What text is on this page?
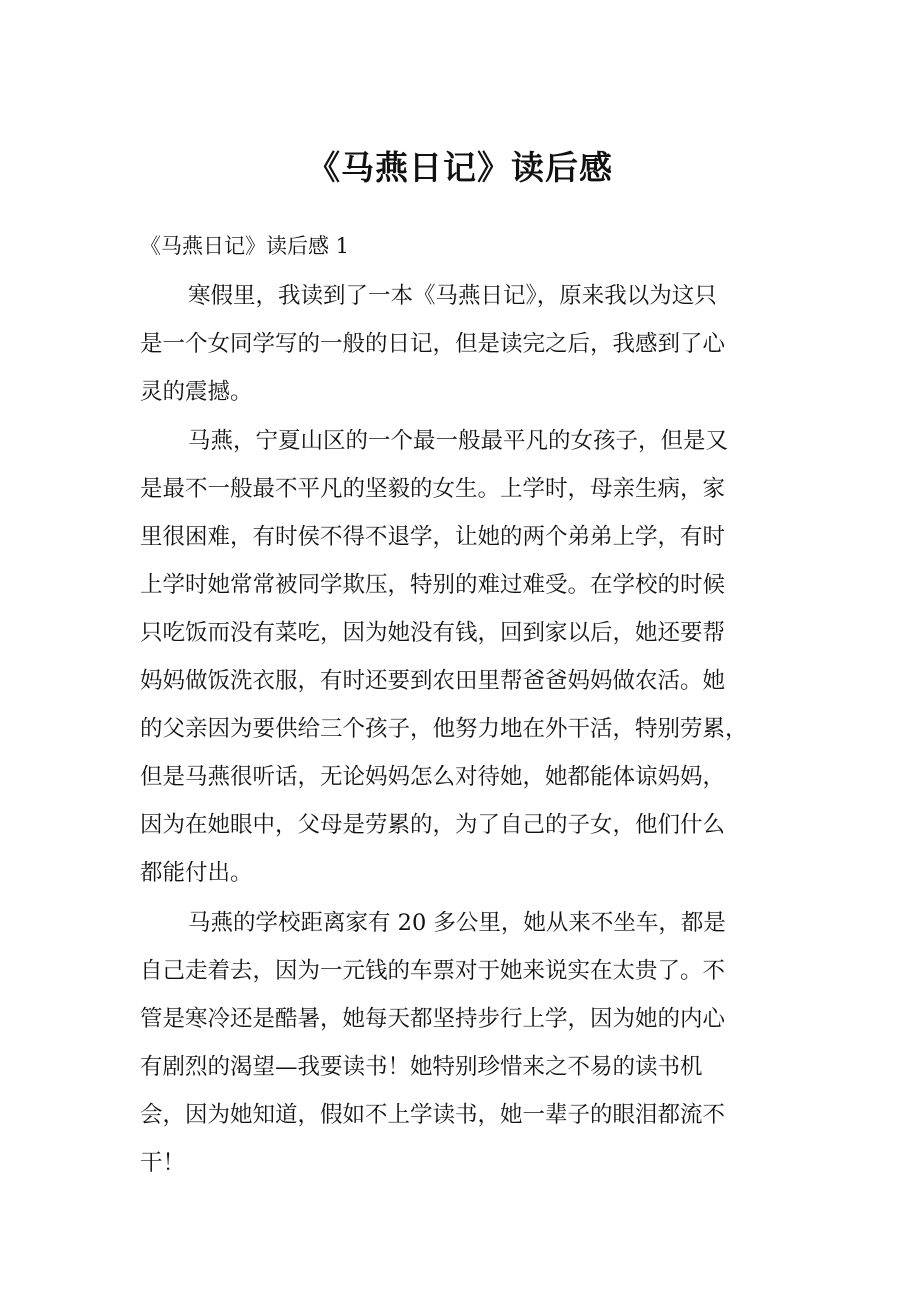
《马燕日记》读后感
《马燕日记》读后感 1
寒假里，我读到了一本《马燕日记》，原来我以为这只
是一个女同学写的一般的日记，但是读完之后，我感到了心
灵的震撼。
马燕，宁夏山区的一个最一般最平凡的女孩子，但是又
是最不一般最不平凡的坚毅的女生。上学时，母亲生病，家
里很困难，有时侯不得不退学，让她的两个弟弟上学，有时
上学时她常常被同学欺压，特别的难过难受。在学校的时候
只吃饭而没有菜吃，因为她没有钱，回到家以后，她还要帮
妈妈做饭洗衣服，有时还要到农田里帮爸爸妈妈做农活。她
的父亲因为要供给三个孩子，他努力地在外干活，特别劳累，
但是马燕很听话，无论妈妈怎么对待她，她都能体谅妈妈，
因为在她眼中，父母是劳累的，为了自己的子女，他们什么
都能付出。
马燕的学校距离家有 20 多公里，她从来不坐车，都是
自己走着去，因为一元钱的车票对于她来说实在太贵了。不
管是寒冷还是酷暑，她每天都坚持步行上学，因为她的内心
有剧烈的渴望—我要读书！她特别珍惜来之不易的读书机
会，因为她知道，假如不上学读书，她一辈子的眼泪都流不
干！
